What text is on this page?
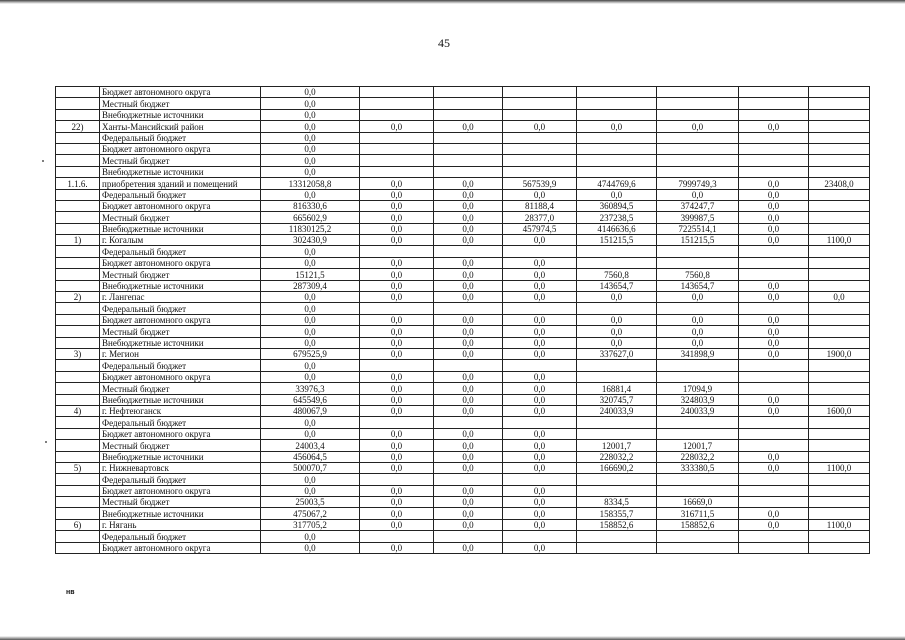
45
	Бюджет автономного округа	0,0							
	Местный бюджет	0,0							
	Внебюджетные источники	0,0							
22)	Ханты-Мансийский район	0,0	0,0	0,0	0,0	0,0	0,0	0,0	
	Федеральный бюджет	0,0							
	Бюджет автономного округа	0,0							
	Местный бюджет	0,0							
	Внебюджетные источники	0,0							
1.1.6.	приобретения зданий и помещений	13312058,8	0,0	0,0	567539,9	4744769,6	7999749,3	0,0	23408,0
	Федеральный бюджет	0,0	0,0	0,0	0,0	0,0	0,0	0,0	
	Бюджет автономного округа	816330,6	0,0	0,0	81188,4	360894,5	374247,7	0,0	
	Местный бюджет	665602,9	0,0	0,0	28377,0	237238,5	399987,5	0,0	
	Внебюджетные источники	11830125,2	0,0	0,0	457974,5	4146636,6	7225514,1	0,0	
1)	г. Когалым	302430,9	0,0	0,0	0,0	151215,5	151215,5	0,0	1100,0
	Федеральный бюджет	0,0							
	Бюджет автономного округа	0,0	0,0	0,0	0,0				
	Местный бюджет	15121,5	0,0	0,0	0,0	7560,8	7560,8		
	Внебюджетные источники	287309,4	0,0	0,0	0,0	143654,7	143654,7	0,0	
2)	г. Лангепас	0,0	0,0	0,0	0,0	0,0	0,0	0,0	0,0
	Федеральный бюджет	0,0							
	Бюджет автономного округа	0,0	0,0	0,0	0,0	0,0	0,0	0,0	
	Местный бюджет	0,0	0,0	0,0	0,0	0,0	0,0	0,0	
	Внебюджетные источники	0,0	0,0	0,0	0,0	0,0	0,0	0,0	
3)	г. Мегион	679525,9	0,0	0,0	0,0	337627,0	341898,9	0,0	1900,0
	Федеральный бюджет	0,0							
	Бюджет автономного округа	0,0	0,0	0,0	0,0				
	Местный бюджет	33976,3	0,0	0,0	0,0	16881,4	17094,9		
	Внебюджетные источники	645549,6	0,0	0,0	0,0	320745,7	324803,9	0,0	
4)	г. Нефтеюганск	480067,9	0,0	0,0	0,0	240033,9	240033,9	0,0	1600,0
	Федеральный бюджет	0,0							
	Бюджет автономного округа	0,0	0,0	0,0	0,0				
	Местный бюджет	24003,4	0,0	0,0	0,0	12001,7	12001,7		
	Внебюджетные источники	456064,5	0,0	0,0	0,0	228032,2	228032,2	0,0	
5)	г. Нижневартовск	500070,7	0,0	0,0	0,0	166690,2	333380,5	0,0	1100,0
	Федеральный бюджет	0,0							
	Бюджет автономного округа	0,0	0,0	0,0	0,0				
	Местный бюджет	25003,5	0,0	0,0	0,0	8334,5	16669,0		
	Внебюджетные источники	475067,2	0,0	0,0	0,0	158355,7	316711,5	0,0	
6)	г. Нягань	317705,2	0,0	0,0	0,0	158852,6	158852,6	0,0	1100,0
	Федеральный бюджет	0,0							
	Бюджет автономного округа	0,0	0,0	0,0	0,0				
нв
